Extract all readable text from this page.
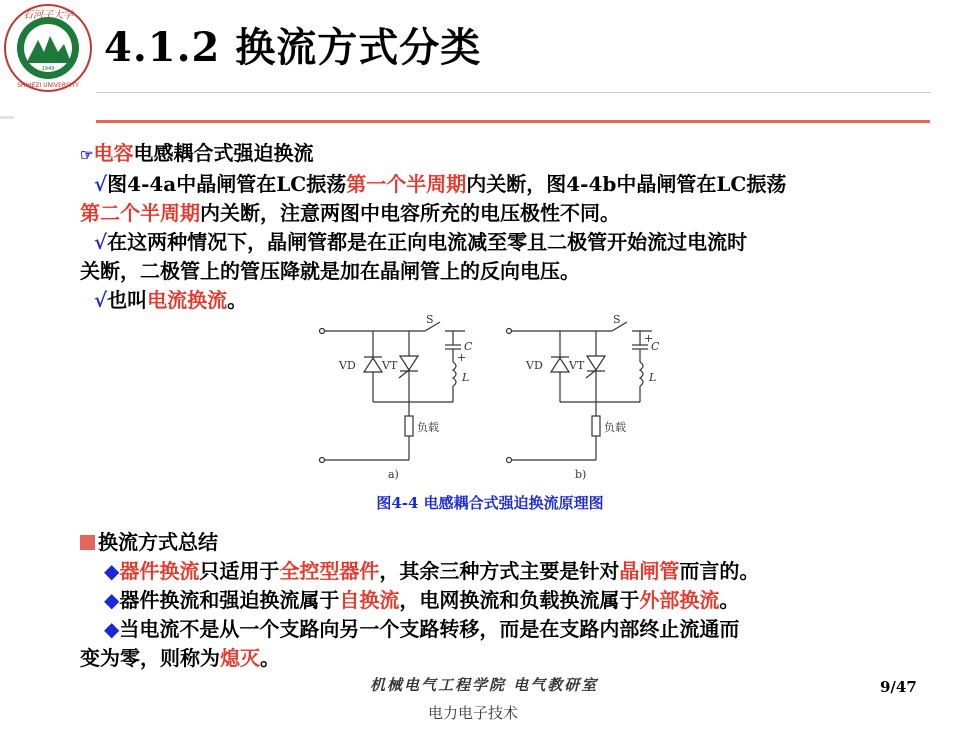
石河子大学
SHIHEZI UNIVERSITY
1949 4.1.2 换流方式分类
☞电容电感耦合式强迫换流
√图4-4a中晶闸管在LC振荡第一个半周期内关断，图4-4b中晶闸管在LC振荡
第二个半周期内关断，注意两图中电容所充的电压极性不同。
√在这两种情况下，晶闸管都是在正向电流减至零且二极管开始流过电流时
关断，二极管上的管压降就是加在晶闸管上的反向电压。
√也叫电流换流。
S
+
C
VD VT
L
负载
a)
S
+
C
VD VT
L
负载
b)
图4-4 电感耦合式强迫换流原理图
换流方式总结
◆器件换流只适用于全控型器件，其余三种方式主要是针对晶闸管而言的。
◆器件换流和强迫换流属于自换流，电网换流和负载换流属于外部换流。
◆当电流不是从一个支路向另一个支路转移，而是在支路内部终止流通而
变为零，则称为熄灭。
机械电气工程学院 电气教研室
电力电子技术
9/47
